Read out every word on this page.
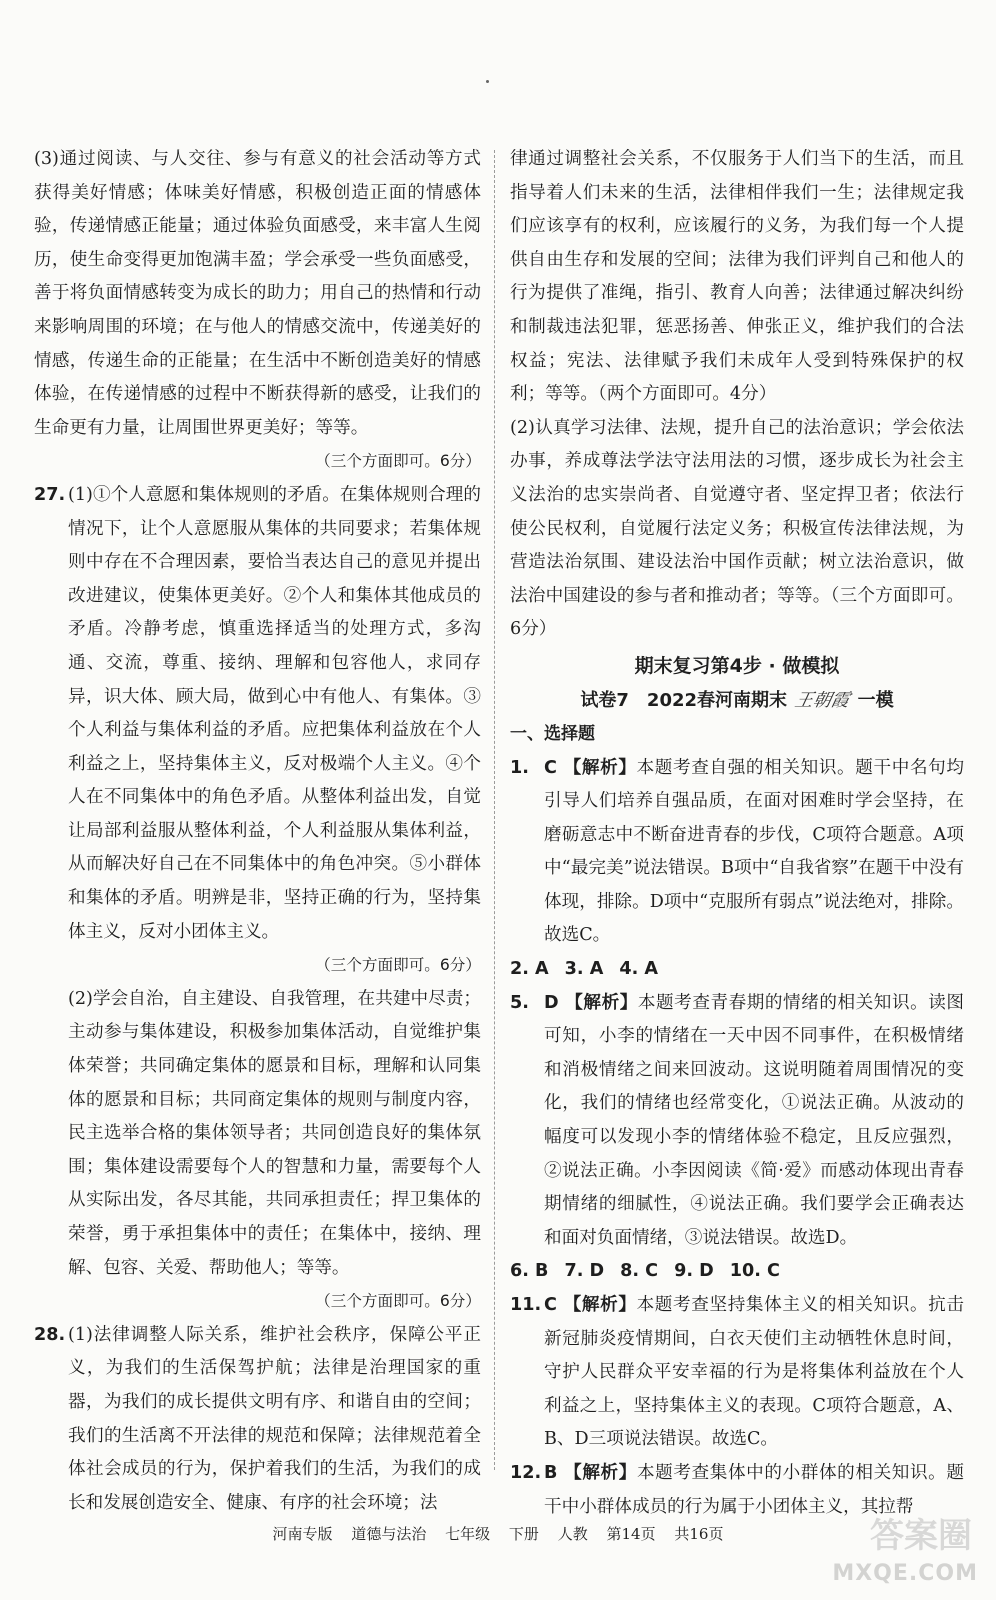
(3)通过阅读、与人交往、参与有意义的社会活动等方式获得美好情感；体味美好情感，积极创造正面的情感体验，传递情感正能量；通过体验负面感受，来丰富人生阅历，使生命变得更加饱满丰盈；学会承受一些负面感受，善于将负面情感转变为成长的助力；用自己的热情和行动来影响周围的环境；在与他人的情感交流中，传递美好的情感，传递生命的正能量；在生活中不断创造美好的情感体验，在传递情感的过程中不断获得新的感受，让我们的生命更有力量，让周围世界更美好；等等。

（三个方面即可。6分）

27. (1)①个人意愿和集体规则的矛盾。在集体规则合理的情况下，让个人意愿服从集体的共同要求；若集体规则中存在不合理因素，要恰当表达自己的意见并提出改进建议，使集体更美好。②个人和集体其他成员的矛盾。冷静考虑，慎重选择适当的处理方式，多沟通、交流，尊重、接纳、理解和包容他人，求同存异，识大体、顾大局，做到心中有他人、有集体。③个人利益与集体利益的矛盾。应把集体利益放在个人利益之上，坚持集体主义，反对极端个人主义。④个人在不同集体中的角色矛盾。从整体利益出发，自觉让局部利益服从整体利益，个人利益服从集体利益，从而解决好自己在不同集体中的角色冲突。⑤小群体和集体的矛盾。明辨是非，坚持正确的行为，坚持集体主义，反对小团体主义。

（三个方面即可。6分）

(2)学会自治，自主建设、自我管理，在共建中尽责；主动参与集体建设，积极参加集体活动，自觉维护集体荣誉；共同确定集体的愿景和目标，理解和认同集体的愿景和目标；共同商定集体的规则与制度内容，民主选举合格的集体领导者；共同创造良好的集体氛围；集体建设需要每个人的智慧和力量，需要每个人从实际出发，各尽其能，共同承担责任；捍卫集体的荣誉，勇于承担集体中的责任；在集体中，接纳、理解、包容、关爱、帮助他人；等等。

（三个方面即可。6分）

28. (1)法律调整人际关系，维护社会秩序，保障公平正义，为我们的生活保驾护航；法律是治理国家的重器，为我们的成长提供文明有序、和谐自由的空间；我们的生活离不开法律的规范和保障；法律规范着全体社会成员的行为，保护着我们的生活，为我们的成长和发展创造安全、健康、有序的社会环境；法

律通过调整社会关系，不仅服务于人们当下的生活，而且指导着人们未来的生活，法律相伴我们一生；法律规定我们应该享有的权利，应该履行的义务，为我们每一个人提供自由生存和发展的空间；法律为我们评判自己和他人的行为提供了准绳，指引、教育人向善；法律通过解决纠纷和制裁违法犯罪，惩恶扬善、伸张正义，维护我们的合法权益；宪法、法律赋予我们未成年人受到特殊保护的权利；等等。（两个方面即可。4分）

(2)认真学习法律、法规，提升自己的法治意识；学会依法办事，养成尊法学法守法用法的习惯，逐步成长为社会主义法治的忠实崇尚者、自觉遵守者、坚定捍卫者；依法行使公民权利，自觉履行法定义务；积极宣传法律法规，为营造法治氛围、建设法治中国作贡献；树立法治意识，做法治中国建设的参与者和推动者；等等。（三个方面即可。6分）

期末复习第4步 · 做模拟

试卷7　2022春河南期末 王朝霞 一模

一、选择题

1. C 【解析】本题考查自强的相关知识。题干中名句均引导人们培养自强品质，在面对困难时学会坚持，在磨砺意志中不断奋进青春的步伐，C项符合题意。A项中“最完美”说法错误。B项中“自我省察”在题干中没有体现，排除。D项中“克服所有弱点”说法绝对，排除。故选C。

2. A 3. A 4. A

5. D 【解析】本题考查青春期的情绪的相关知识。读图可知，小李的情绪在一天中因不同事件，在积极情绪和消极情绪之间来回波动。这说明随着周围情况的变化，我们的情绪也经常变化，①说法正确。从波动的幅度可以发现小李的情绪体验不稳定，且反应强烈，②说法正确。小李因阅读《简·爱》而感动体现出青春期情绪的细腻性，④说法正确。我们要学会正确表达和面对负面情绪，③说法错误。故选D。

6. B 7. D 8. C 9. D 10. C

11. C 【解析】本题考查坚持集体主义的相关知识。抗击新冠肺炎疫情期间，白衣天使们主动牺牲休息时间，守护人民群众平安幸福的行为是将集体利益放在个人利益之上，坚持集体主义的表现。C项符合题意，A、B、D三项说法错误。故选C。

12. B 【解析】本题考查集体中的小群体的相关知识。题干中小群体成员的行为属于小团体主义，其拉帮

河南专版 道德与法治 七年级 下册 人教 第14页 共16页	答案圈
MXQE.COM
